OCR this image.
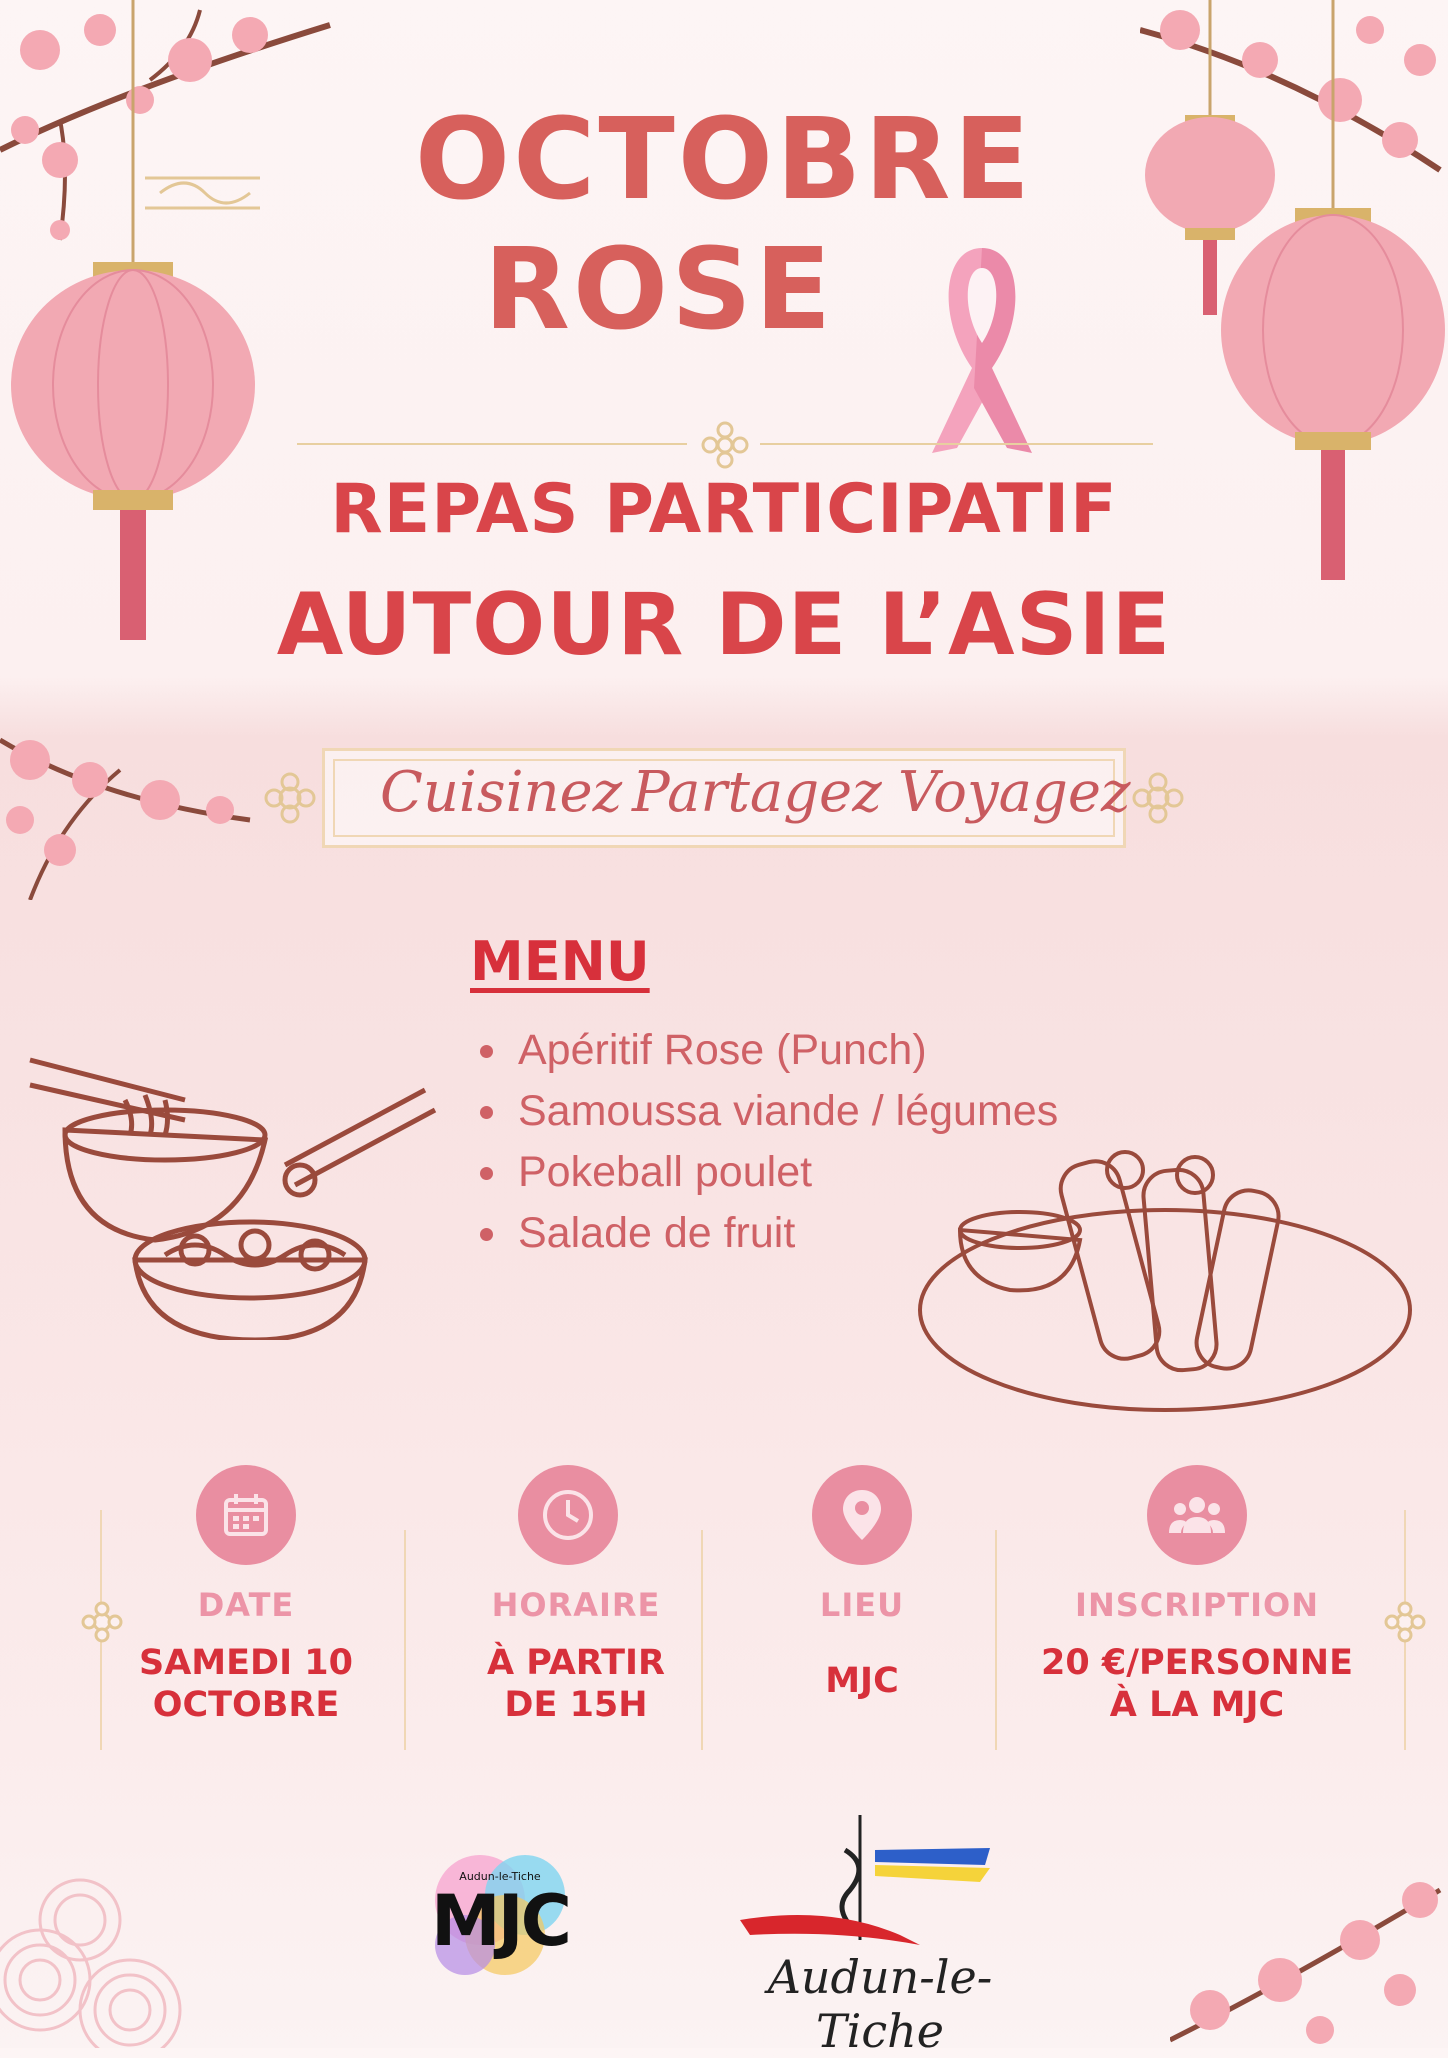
OCTOBRE
ROSE
REPAS PARTICIPATIF
AUTOUR DE L’ASIE
Cuisinez Partagez Voyagez
MENU
Apéritif Rose (Punch)
Samoussa viande / légumes
Pokeball poulet
Salade de fruit
DATE
SAMEDI 10
OCTOBRE
HORAIRE
À PARTIR
DE 15H
LIEU
MJC
INSCRIPTION
20 €/PERSONNE
À LA MJC
Audun-le-Tiche
MJC
Audun-le-Tiche
